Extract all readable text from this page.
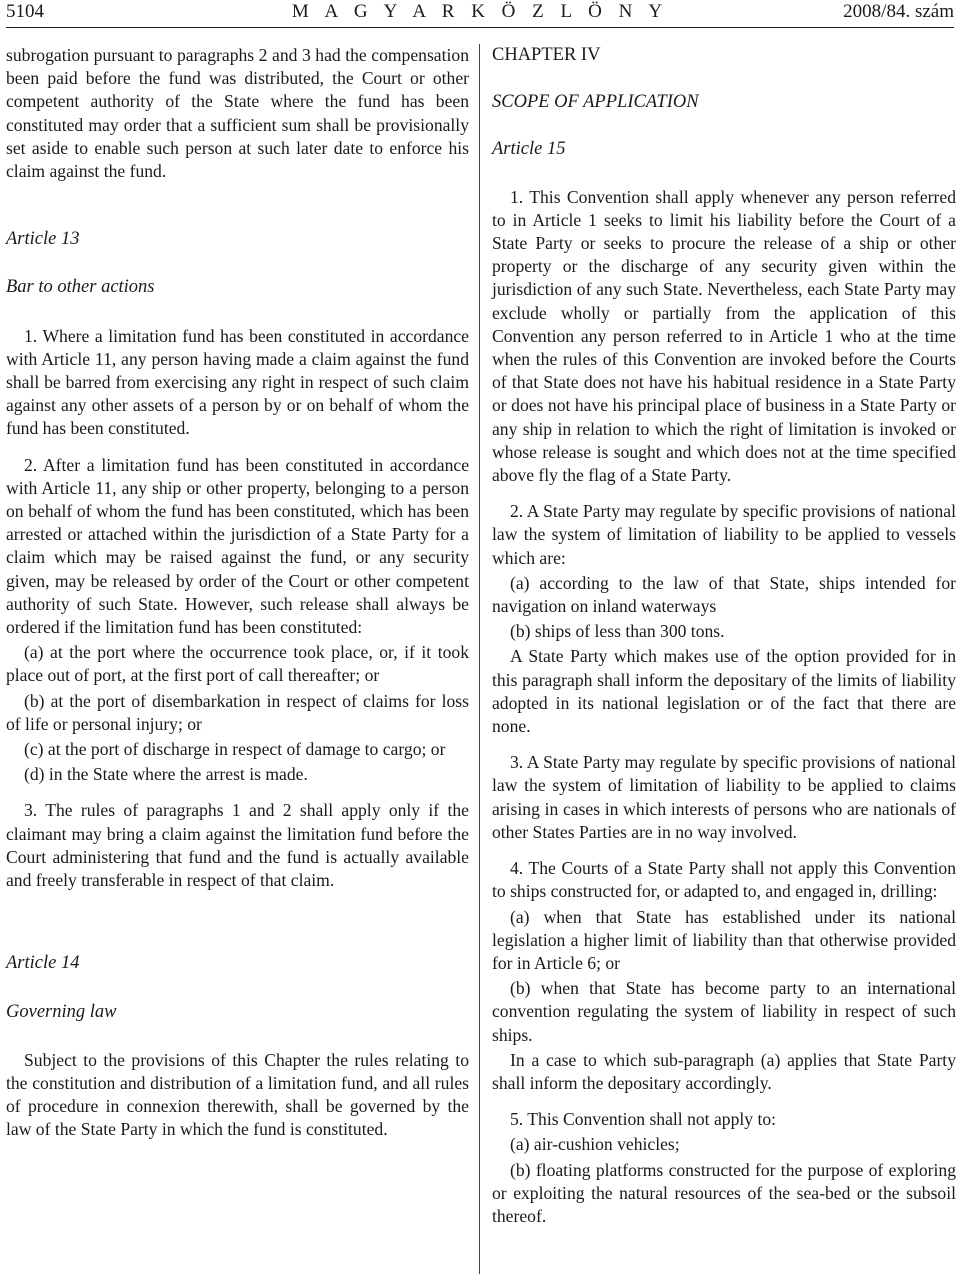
5104	M A G Y A R K Ö Z L Ö N Y	2008/84. szám

subrogation pursuant to paragraphs 2 and 3 had the compensation been paid before the fund was distributed, the Court or other competent authority of the State where the fund has been constituted may order that a sufficient sum shall be provisionally set aside to enable such person at such later date to enforce his claim against the fund.

Article 13

Bar to other actions

1. Where a limitation fund has been constituted in accordance with Article 11, any person having made a claim against the fund shall be barred from exercising any right in respect of such claim against any other assets of a person by or on behalf of whom the fund has been constituted.

2. After a limitation fund has been constituted in accordance with Article 11, any ship or other property, belonging to a person on behalf of whom the fund has been constituted, which has been arrested or attached within the jurisdiction of a State Party for a claim which may be raised against the fund, or any security given, may be released by order of the Court or other competent authority of such State. However, such release shall always be ordered if the limitation fund has been constituted:

(a) at the port where the occurrence took place, or, if it took place out of port, at the first port of call thereafter; or

(b) at the port of disembarkation in respect of claims for loss of life or personal injury; or

(c) at the port of discharge in respect of damage to cargo; or

(d) in the State where the arrest is made.

3. The rules of paragraphs 1 and 2 shall apply only if the claimant may bring a claim against the limitation fund before the Court administering that fund and the fund is actually available and freely transferable in respect of that claim.

Article 14

Governing law

Subject to the provisions of this Chapter the rules relating to the constitution and distribution of a limitation fund, and all rules of procedure in connexion therewith, shall be governed by the law of the State Party in which the fund is constituted.

CHAPTER IV

SCOPE OF APPLICATION

Article 15

1. This Convention shall apply whenever any person referred to in Article 1 seeks to limit his liability before the Court of a State Party or seeks to procure the release of a ship or other property or the discharge of any security given within the jurisdiction of any such State. Nevertheless, each State Party may exclude wholly or partially from the application of this Convention any person referred to in Article 1 who at the time when the rules of this Convention are invoked before the Courts of that State does not have his habitual residence in a State Party or does not have his principal place of business in a State Party or any ship in relation to which the right of limitation is invoked or whose release is sought and which does not at the time specified above fly the flag of a State Party.

2. A State Party may regulate by specific provisions of national law the system of limitation of liability to be applied to vessels which are:

(a) according to the law of that State, ships intended for navigation on inland waterways

(b) ships of less than 300 tons.

A State Party which makes use of the option provided for in this paragraph shall inform the depositary of the limits of liability adopted in its national legislation or of the fact that there are none.

3. A State Party may regulate by specific provisions of national law the system of limitation of liability to be applied to claims arising in cases in which interests of persons who are nationals of other States Parties are in no way involved.

4. The Courts of a State Party shall not apply this Convention to ships constructed for, or adapted to, and engaged in, drilling:

(a) when that State has established under its national legislation a higher limit of liability than that otherwise provided for in Article 6; or

(b) when that State has become party to an international convention regulating the system of liability in respect of such ships.

In a case to which sub-paragraph (a) applies that State Party shall inform the depositary accordingly.

5. This Convention shall not apply to:

(a) air-cushion vehicles;

(b) floating platforms constructed for the purpose of exploring or exploiting the natural resources of the sea-bed or the subsoil thereof.
